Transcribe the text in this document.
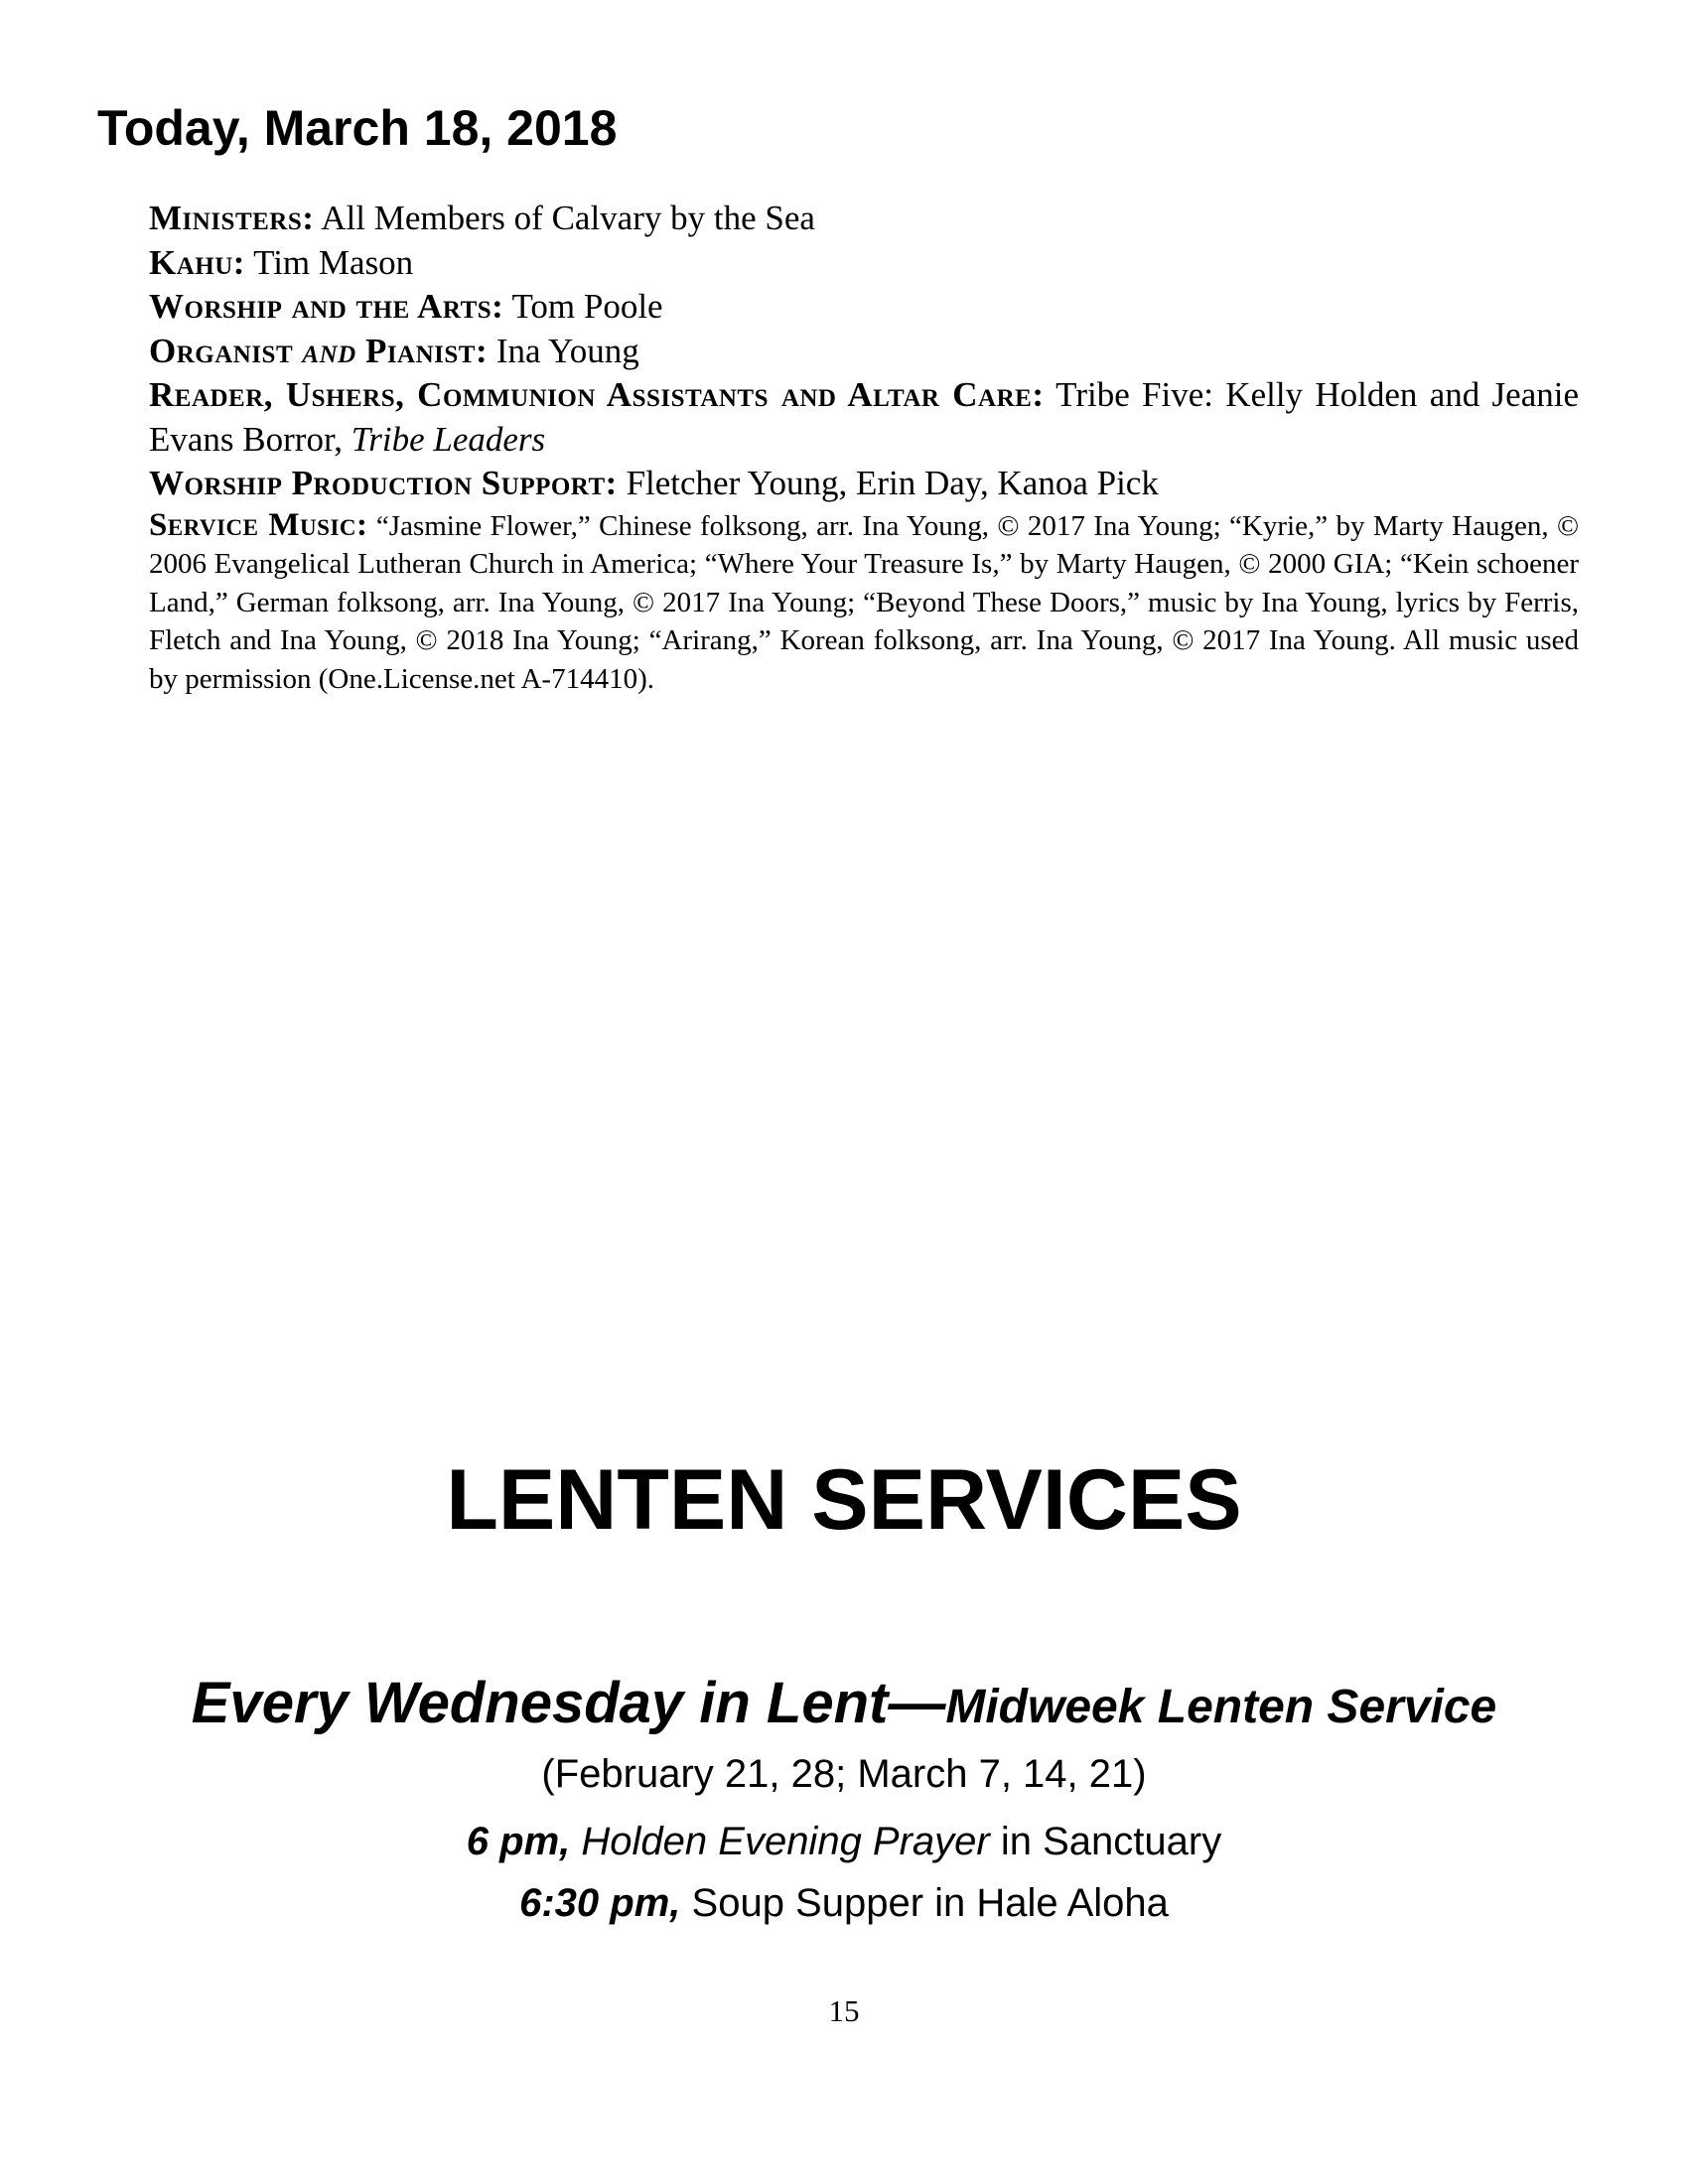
Today, March 18, 2018

Ministers: All Members of Calvary by the Sea

Kahu: Tim Mason

Worship and the Arts: Tom Poole

Organist and Pianist: Ina Young

Reader, Ushers, Communion Assistants and Altar Care: Tribe Five: Kelly Holden and Jeanie Evans Borror, Tribe Leaders

Worship Production Support: Fletcher Young, Erin Day, Kanoa Pick

Service Music: “Jasmine Flower,” Chinese folksong, arr. Ina Young, © 2017 Ina Young; “Kyrie,” by Marty Haugen, © 2006 Evangelical Lutheran Church in America; “Where Your Treasure Is,” by Marty Haugen, © 2000 GIA; “Kein schoener Land,” German folksong, arr. Ina Young, © 2017 Ina Young; “Beyond These Doors,” music by Ina Young, lyrics by Ferris, Fletch and Ina Young, © 2018 Ina Young; “Arirang,” Korean folksong, arr. Ina Young, © 2017 Ina Young. All music used by permission (One.License.net A-714410).

LENTEN SERVICES

Every Wednesday in Lent—Midweek Lenten Service

(February 21, 28; March 7, 14, 21)

6 pm, Holden Evening Prayer in Sanctuary

6:30 pm, Soup Supper in Hale Aloha

15
